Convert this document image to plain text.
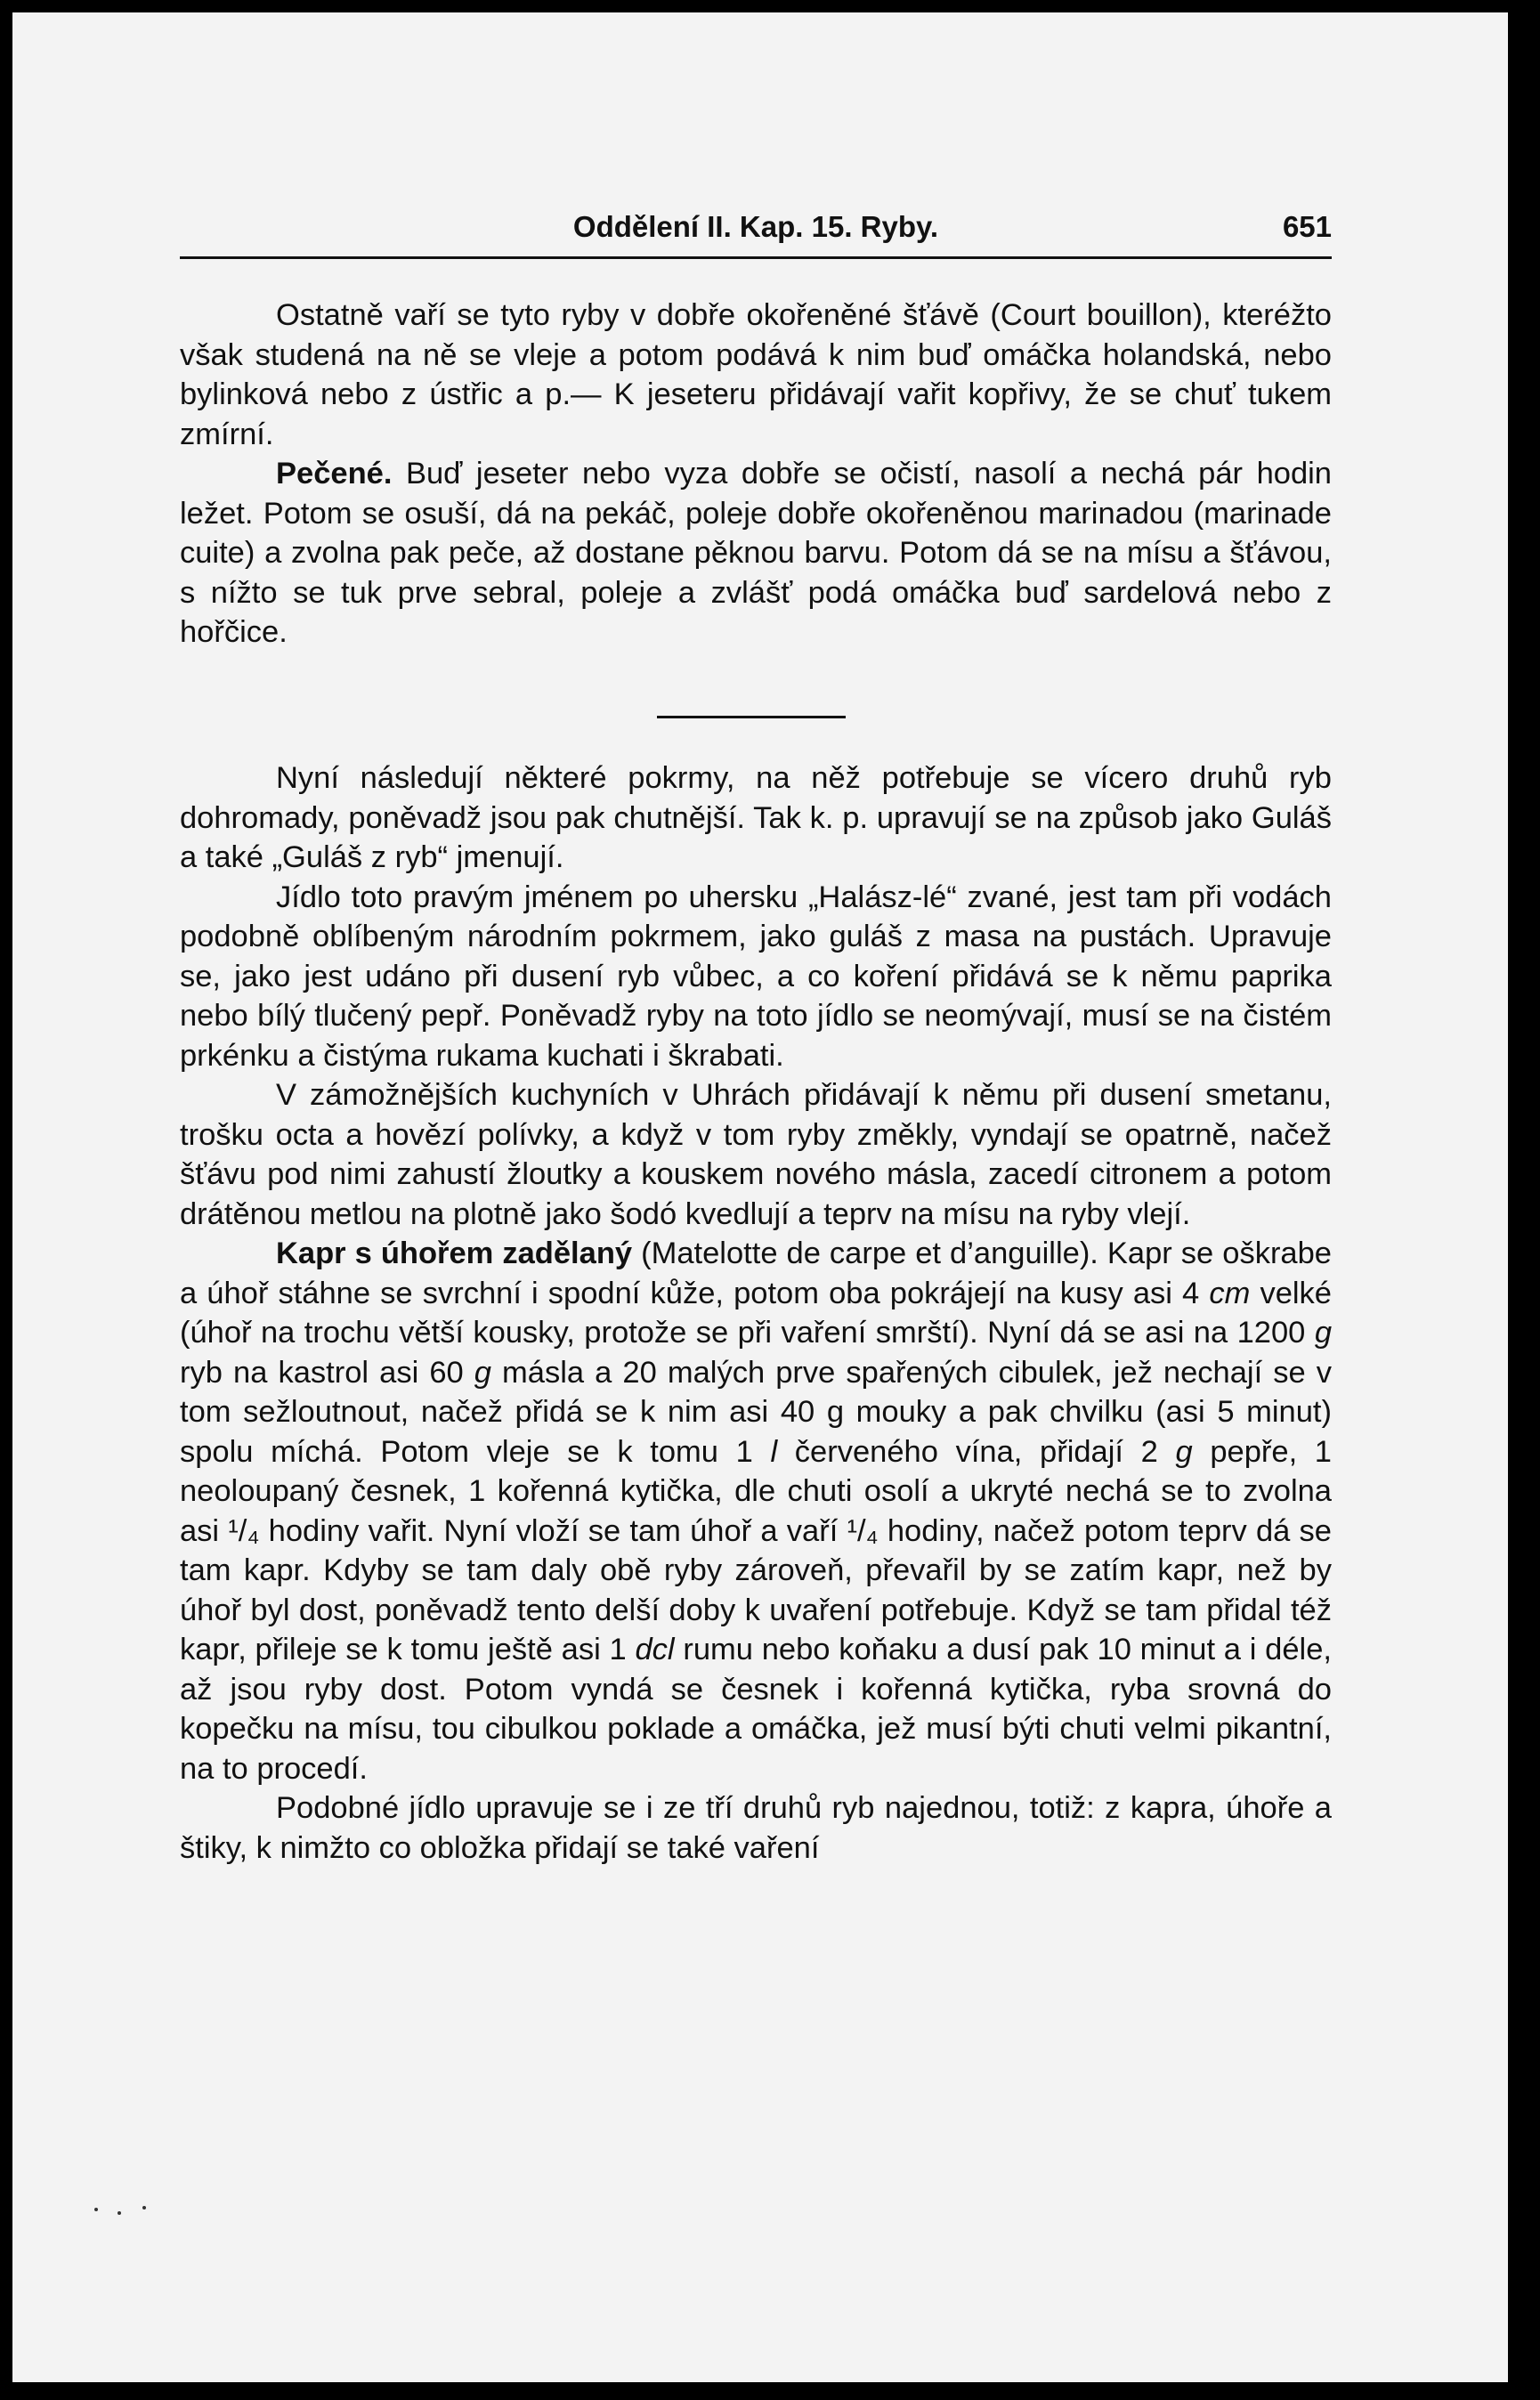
Oddělení II. Kap. 15. Ryby.	651

Ostatně vaří se tyto ryby v dobře okořeněné šťávě (Court bouillon), kteréžto však studená na ně se vleje a potom podává k nim buď omáčka holandská, nebo bylinková nebo z ústřic a p.— K jeseteru přidávají vařit kopřivy, že se chuť tukem zmírní.

Pečené. Buď jeseter nebo vyza dobře se očistí, nasolí a nechá pár hodin ležet. Potom se osuší, dá na pekáč, poleje dobře okořeněnou marinadou (marinade cuite) a zvolna pak peče, až dostane pěknou barvu. Potom dá se na mísu a šťávou, s nížto se tuk prve sebral, poleje a zvlášť podá omáčka buď sardelová nebo z hořčice.

Nyní následují některé pokrmy, na něž potřebuje se vícero druhů ryb dohromady, poněvadž jsou pak chutnější. Tak k. p. upravují se na způsob jako Guláš a také „Guláš z ryb“ jmenují.

Jídlo toto pravým jménem po uhersku „Halász-lé“ zvané, jest tam při vodách podobně oblíbeným národním pokrmem, jako guláš z masa na pustách. Upravuje se, jako jest udáno při dusení ryb vůbec, a co koření přidává se k němu paprika nebo bílý tlučený pepř. Poněvadž ryby na toto jídlo se neomývají, musí se na čistém prkénku a čistýma rukama kuchati i škrabati.

V zámožnějších kuchyních v Uhrách přidávají k němu při dusení smetanu, trošku octa a hovězí polívky, a když v tom ryby změkly, vyndají se opatrně, načež šťávu pod nimi zahustí žloutky a kouskem nového másla, zacedí citronem a potom drátěnou metlou na plotně jako šodó kvedlují a teprv na mísu na ryby vlejí.

Kapr s úhořem zadělaný (Matelotte de carpe et d’anguille). Kapr se oškrabe a úhoř stáhne se svrchní i spodní kůže, potom oba pokrájejí na kusy asi 4 cm velké (úhoř na trochu větší kousky, protože se při vaření smrští). Nyní dá se asi na 1200 g ryb na kastrol asi 60 g másla a 20 malých prve spařených cibulek, jež nechají se v tom sežloutnout, načež přidá se k nim asi 40 g mouky a pak chvilku (asi 5 minut) spolu míchá. Potom vleje se k tomu 1 l červeného vína, přidají 2 g pepře, 1 neoloupaný česnek, 1 kořenná kytička, dle chuti osolí a ukryté nechá se to zvolna asi ¹/₄ hodiny vařit. Nyní vloží se tam úhoř a vaří ¹/₄ hodiny, načež potom teprv dá se tam kapr. Kdyby se tam daly obě ryby zároveň, převařil by se zatím kapr, než by úhoř byl dost, poněvadž tento delší doby k uvaření potřebuje. Když se tam přidal též kapr, přileje se k tomu ještě asi 1 dcl rumu nebo koňaku a dusí pak 10 minut a i déle, až jsou ryby dost. Potom vyndá se česnek i kořenná kytička, ryba srovná do kopečku na mísu, tou cibulkou poklade a omáčka, jež musí býti chuti velmi pikantní, na to procedí.

Podobné jídlo upravuje se i ze tří druhů ryb najednou, totiž: z kapra, úhoře a štiky, k nimžto co obložka přidají se také vaření
